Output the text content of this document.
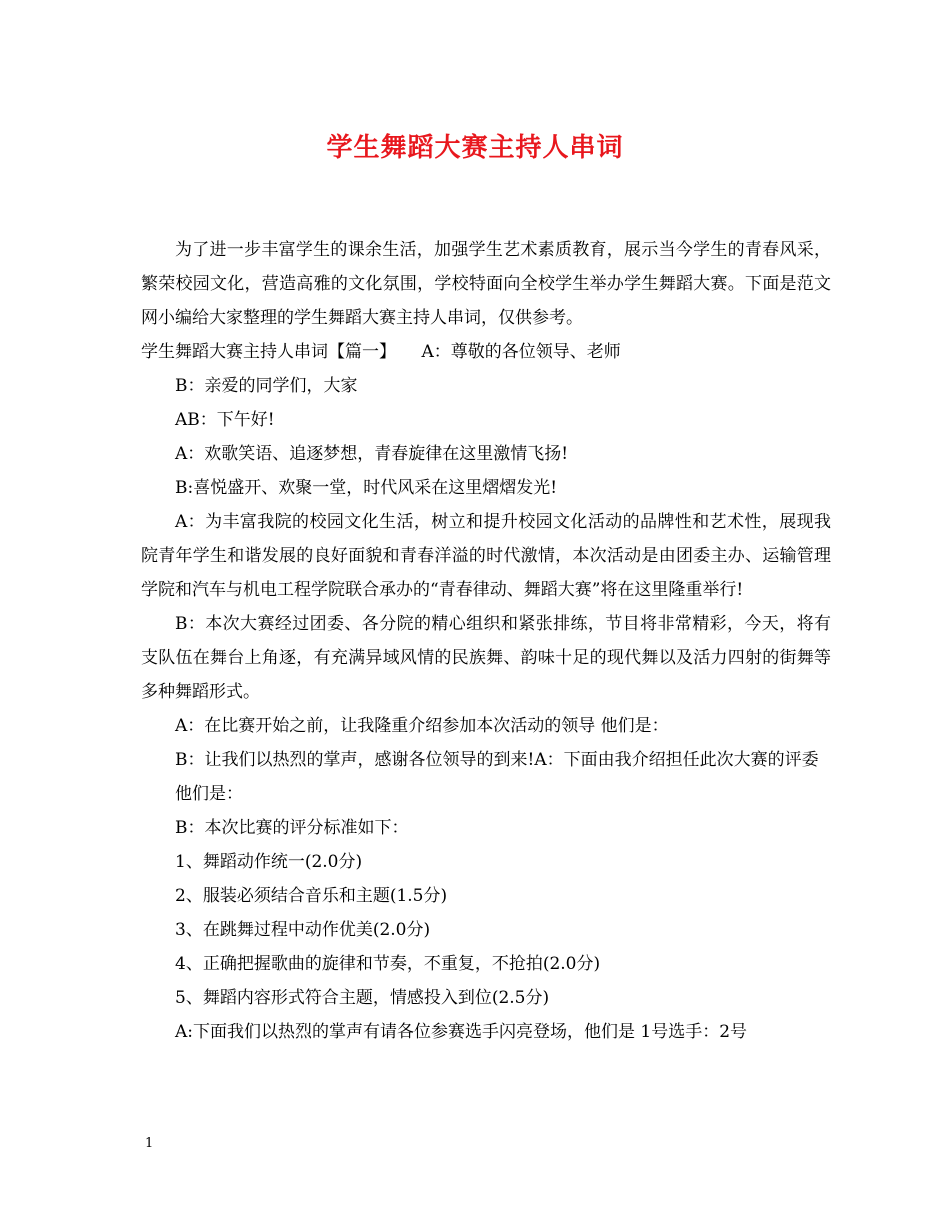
学生舞蹈大赛主持人串词

为了进一步丰富学生的课余生活，加强学生艺术素质教育，展示当今学生的青春风采，繁荣校园文化，营造高雅的文化氛围，学校特面向全校学生举办学生舞蹈大赛。下面是范文网小编给大家整理的学生舞蹈大赛主持人串词，仅供参考。

学生舞蹈大赛主持人串词【篇一】　　A：尊敬的各位领导、老师

B：亲爱的同学们，大家

AB：下午好!

A：欢歌笑语、追逐梦想，青春旋律在这里激情飞扬!

B:喜悦盛开、欢聚一堂，时代风采在这里熠熠发光!

A：为丰富我院的校园文化生活，树立和提升校园文化活动的品牌性和艺术性，展现我院青年学生和谐发展的良好面貌和青春洋溢的时代激情，本次活动是由团委主办、运输管理学院和汽车与机电工程学院联合承办的“青春律动、舞蹈大赛”将在这里隆重举行!

B：本次大赛经过团委、各分院的精心组织和紧张排练，节目将非常精彩，今天，将有支队伍在舞台上角逐，有充满异域风情的民族舞、韵味十足的现代舞以及活力四射的街舞等多种舞蹈形式。

A：在比赛开始之前，让我隆重介绍参加本次活动的领导 他们是：

B：让我们以热烈的掌声，感谢各位领导的到来!A：下面由我介绍担任此次大赛的评委

他们是：

B：本次比赛的评分标准如下：

1、舞蹈动作统一(2.0分)

2、服装必须结合音乐和主题(1.5分)

3、在跳舞过程中动作优美(2.0分)

4、正确把握歌曲的旋律和节奏，不重复，不抢拍(2.0分)

5、舞蹈内容形式符合主题，情感投入到位(2.5分)

A:下面我们以热烈的掌声有请各位参赛选手闪亮登场，他们是 1号选手：2号

1
